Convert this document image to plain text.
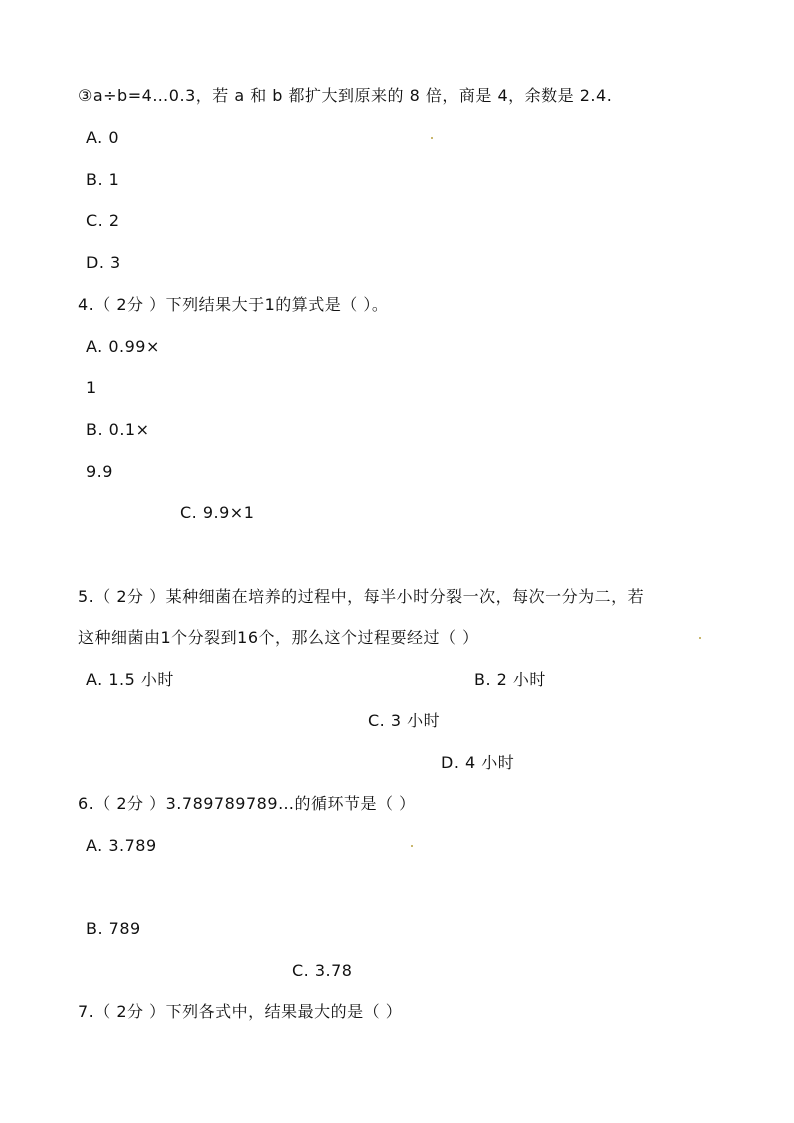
③a÷b=4…0.3，若 a 和 b 都扩大到原来的 8 倍，商是 4，余数是 2.4.
A. 0
B. 1
C. 2
D. 3
4.（ 2分 ）下列结果大于1的算式是（ ）。
A. 0.99×
1
B. 0.1×
9.9
C. 9.9×1
5.（ 2分 ）某种细菌在培养的过程中，每半小时分裂一次，每次一分为二，若
这种细菌由1个分裂到16个，那么这个过程要经过（ ）
A. 1.5 小时	B. 2 小时
C. 3 小时
D. 4 小时
6.（ 2分 ）3.789789789…的循环节是（ ）
A. 3.789
B. 789
C. 3.78
7.（ 2分 ）下列各式中，结果最大的是（ ）
